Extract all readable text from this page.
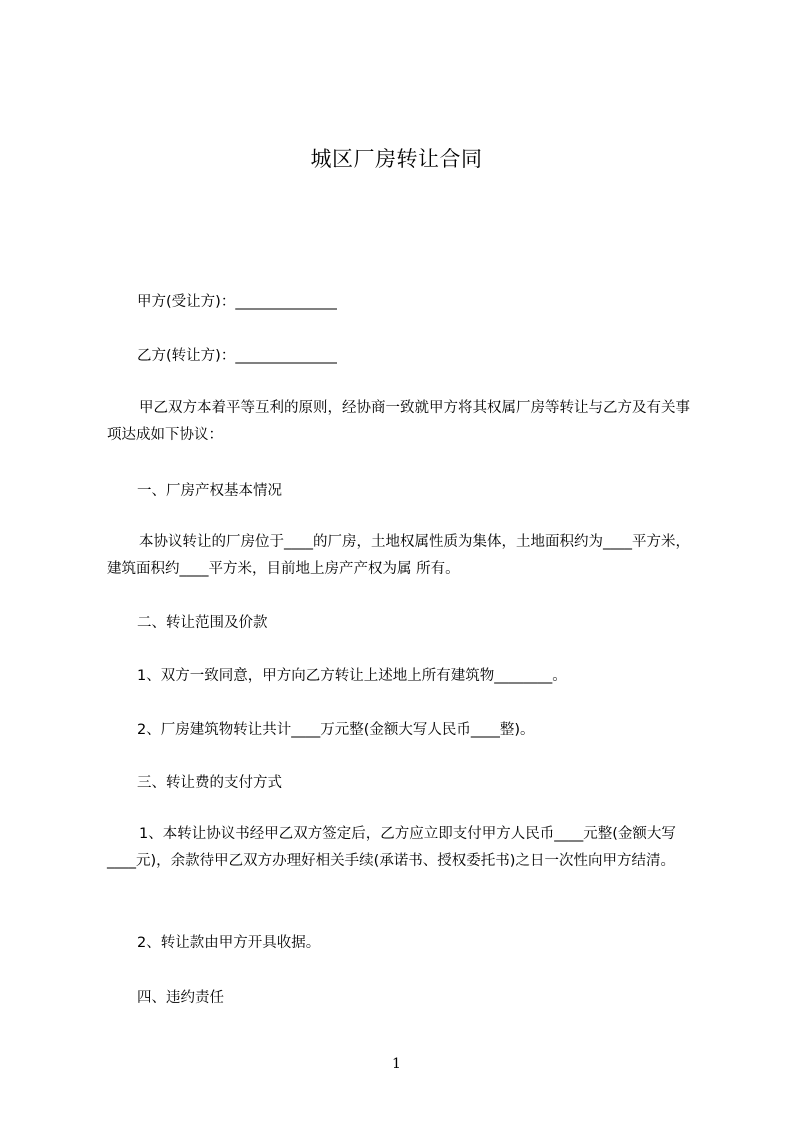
城区厂房转让合同
甲方(受让方)：______________
乙方(转让方)：______________
甲乙双方本着平等互利的原则，经协商一致就甲方将其权属厂房等转让与乙方及有关事项达成如下协议：
一、厂房产权基本情况
本协议转让的厂房位于____的厂房，土地权属性质为集体，土地面积约为____平方米，建筑面积约____平方米，目前地上房产产权为属 所有。
二、转让范围及价款
1、双方一致同意，甲方向乙方转让上述地上所有建筑物________。
2、厂房建筑物转让共计____万元整(金额大写人民币____整)。
三、转让费的支付方式
1、本转让协议书经甲乙双方签定后，乙方应立即支付甲方人民币____元整(金额大写____元)，余款待甲乙双方办理好相关手续(承诺书、授权委托书)之日一次性向甲方结清。
2、转让款由甲方开具收据。
四、违约责任
1
